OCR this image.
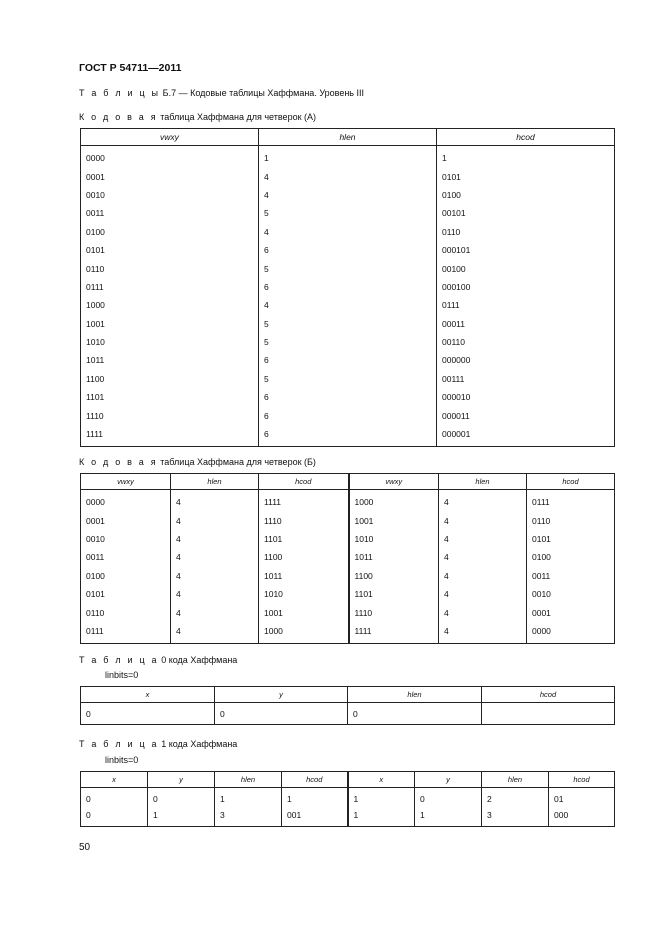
ГОСТ Р 54711—2011
Т а б л и ц ы Б.7 — Кодовые таблицы Хаффмана. Уровень III
К о д о в а я таблица Хаффмана для четверок (А)
vwxy	hlen	hcod
0000	1	1
0001	4	0101
0010	4	0100
0011	5	00101
0100	4	0110
0101	6	000101
0110	5	00100
0111	6	000100
1000	4	0111
1001	5	00011
1010	5	00110
1011	6	000000
1100	5	00111
1101	6	000010
1110	6	000011
1111	6	000001
К о д о в а я таблица Хаффмана для четверок (Б)
vwxy	hlen	hcod	vwxy	hlen	hcod
0000	4	1111	1000	4	0111
0001	4	1110	1001	4	0110
0010	4	1101	1010	4	0101
0011	4	1100	1011	4	0100
0100	4	1011	1100	4	0011
0101	4	1010	1101	4	0010
0110	4	1001	1110	4	0001
0111	4	1000	1111	4	0000
Т а б л и ц а 0 кода Хаффмана
linbits=0
x	y	hlen	hcod
0	0	0	
Т а б л и ц а 1 кода Хаффмана
linbits=0
x	y	hlen	hcod	x	y	hlen	hcod
0	0	1	1	1	0	2	01
0	1	3	001	1	1	3	000
50
